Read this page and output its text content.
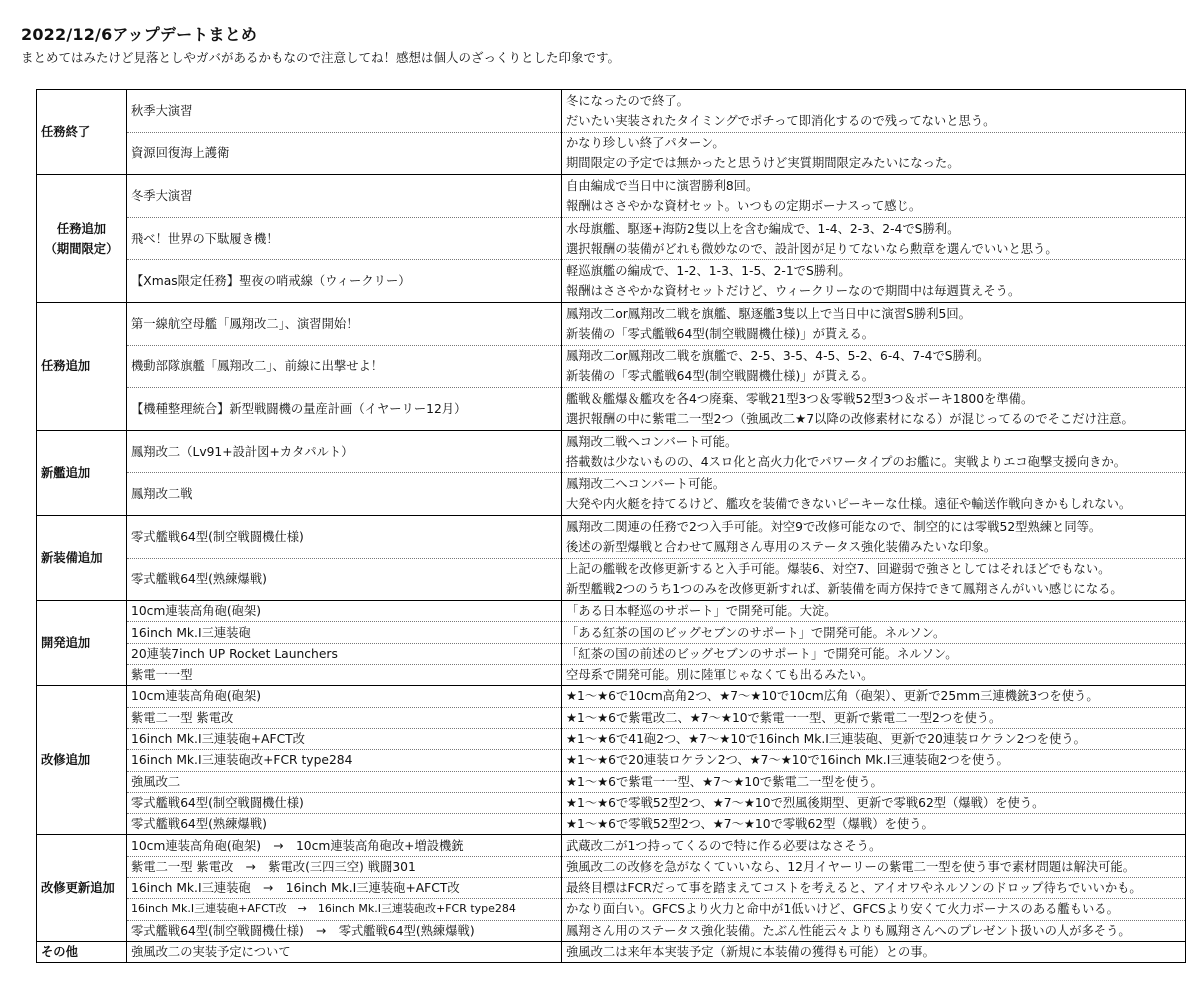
2022/12/6アップデートまとめ

まとめてはみたけど見落としやガバがあるかもなので注意してね！感想は個人のざっくりとした印象です。

任務終了	秋季大演習	冬になったので終了。
だいたい実装されたタイミングでポチって即消化するので残ってないと思う。

	資源回復海上護衛	かなり珍しい終了パターン。
期間限定の予定では無かったと思うけど実質期間限定みたいになった。

任務追加
（期間限定）	冬季大演習	自由編成で当日中に演習勝利8回。
報酬はささやかな資材セット。いつもの定期ボーナスって感じ。

	飛べ！世界の下駄履き機！	水母旗艦、駆逐+海防2隻以上を含む編成で、1-4、2-3、2-4でS勝利。
選択報酬の装備がどれも微妙なので、設計図が足りてないなら勲章を選んでいいと思う。

	【Xmas限定任務】聖夜の哨戒線（ウィークリー）	軽巡旗艦の編成で、1-2、1-3、1-5、2-1でS勝利。
報酬はささやかな資材セットだけど、ウィークリーなので期間中は毎週貰えそう。

任務追加	第一線航空母艦「鳳翔改二」、演習開始！	鳳翔改二or鳳翔改二戦を旗艦、駆逐艦3隻以上で当日中に演習S勝利5回。
新装備の「零式艦戦64型(制空戦闘機仕様)」が貰える。

	機動部隊旗艦「鳳翔改二」、前線に出撃せよ！	鳳翔改二or鳳翔改二戦を旗艦で、2-5、3-5、4-5、5-2、6-4、7-4でS勝利。
新装備の「零式艦戦64型(制空戦闘機仕様)」が貰える。

	【機種整理統合】新型戦闘機の量産計画（イヤーリー12月）	艦戦＆艦爆＆艦攻を各4つ廃棄、零戦21型3つ＆零戦52型3つ＆ボーキ1800を準備。
選択報酬の中に紫電二一型2つ（強風改二★7以降の改修素材になる）が混じってるのでそこだけ注意。

新艦追加	鳳翔改二（Lv91+設計図+カタパルト）	鳳翔改二戦へコンバート可能。
搭載数は少ないものの、4スロ化と高火力化でパワータイプのお艦に。実戦よりエコ砲撃支援向きか。

	鳳翔改二戦	鳳翔改二へコンバート可能。
大発や内火艇を持てるけど、艦攻を装備できないピーキーな仕様。遠征や輸送作戦向きかもしれない。

新装備追加	零式艦戦64型(制空戦闘機仕様)	鳳翔改二関連の任務で2つ入手可能。対空9で改修可能なので、制空的には零戦52型熟練と同等。
後述の新型爆戦と合わせて鳳翔さん専用のステータス強化装備みたいな印象。

	零式艦戦64型(熟練爆戦)	上記の艦戦を改修更新すると入手可能。爆装6、対空7、回避弱で強さとしてはそれほどでもない。
新型艦戦2つのうち1つのみを改修更新すれば、新装備を両方保持できて鳳翔さんがいい感じになる。

開発追加	10cm連装高角砲(砲架)	「ある日本軽巡のサポート」で開発可能。大淀。

	16inch Mk.I三連装砲	「ある紅茶の国のビッグセブンのサポート」で開発可能。ネルソン。

	20連装7inch UP Rocket Launchers	「紅茶の国の前述のビッグセブンのサポート」で開発可能。ネルソン。

	紫電一一型	空母系で開発可能。別に陸軍じゃなくても出るみたい。

改修追加	10cm連装高角砲(砲架)	★1～★6で10cm高角2つ、★7～★10で10cm広角（砲架）、更新で25mm三連機銃3つを使う。

	紫電二一型 紫電改	★1～★6で紫電改二、★7～★10で紫電一一型、更新で紫電二一型2つを使う。

	16inch Mk.I三連装砲+AFCT改	★1～★6で41砲2つ、★7～★10で16inch Mk.I三連装砲、更新で20連装ロケラン2つを使う。

	16inch Mk.I三連装砲改+FCR type284	★1～★6で20連装ロケラン2つ、★7～★10で16inch Mk.I三連装砲2つを使う。

	強風改二	★1～★6で紫電一一型、★7～★10で紫電二一型を使う。

	零式艦戦64型(制空戦闘機仕様)	★1～★6で零戦52型2つ、★7～★10で烈風後期型、更新で零戦62型（爆戦）を使う。

	零式艦戦64型(熟練爆戦)	★1～★6で零戦52型2つ、★7～★10で零戦62型（爆戦）を使う。

改修更新追加	10cm連装高角砲(砲架)　→　10cm連装高角砲改+増設機銃	武蔵改二が1つ持ってくるので特に作る必要はなさそう。

	紫電二一型 紫電改　→　紫電改(三四三空) 戦闘301	強風改二の改修を急がなくていいなら、12月イヤーリーの紫電二一型を使う事で素材問題は解決可能。

	16inch Mk.I三連装砲　→　16inch Mk.I三連装砲+AFCT改	最終目標はFCRだって事を踏まえてコストを考えると、アイオワやネルソンのドロップ待ちでいいかも。

	16inch Mk.I三連装砲+AFCT改　→　16inch Mk.I三連装砲改+FCR type284	かなり面白い。GFCSより火力と命中が1低いけど、GFCSより安くて火力ボーナスのある艦もいる。

	零式艦戦64型(制空戦闘機仕様)　→　零式艦戦64型(熟練爆戦)	鳳翔さん用のステータス強化装備。たぶん性能云々よりも鳳翔さんへのプレゼント扱いの人が多そう。

その他	強風改二の実装予定について	強風改二は来年本実装予定（新規に本装備の獲得も可能）との事。
